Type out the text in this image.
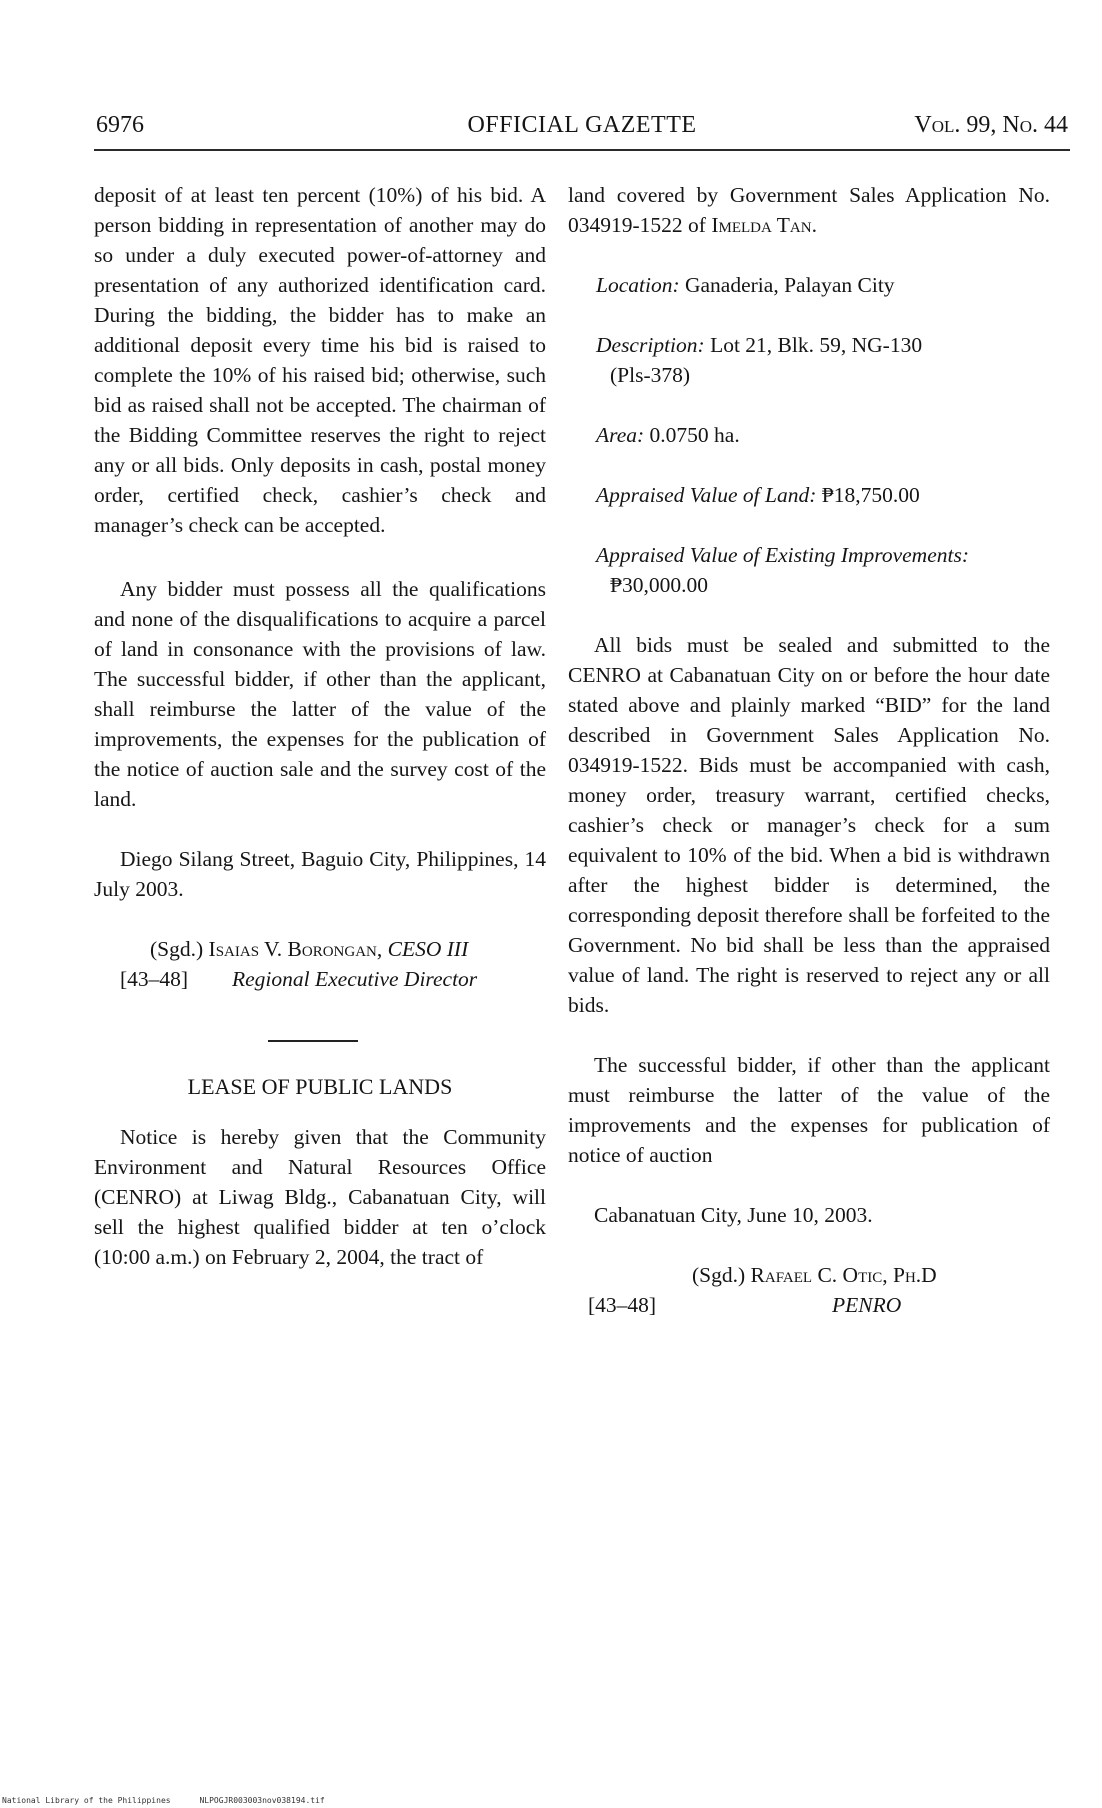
6976	OFFICIAL GAZETTE	Vol. 99, No. 44

deposit of at least ten percent (10%) of his bid. A person bidding in representation of another may do so under a duly executed power-of-attorney and presentation of any authorized identification card. During the bidding, the bidder has to make an additional deposit every time his bid is raised to complete the 10% of his raised bid; otherwise, such bid as raised shall not be accepted. The chairman of the Bidding Committee reserves the right to reject any or all bids. Only deposits in cash, postal money order, certified check, cashier’s check and manager’s check can be accepted.

Any bidder must possess all the qualifications and none of the disqualifications to acquire a parcel of land in consonance with the provisions of law. The successful bidder, if other than the applicant, shall reimburse the latter of the value of the improvements, the expenses for the publication of the notice of auction sale and the survey cost of the land.

Diego Silang Street, Baguio City, Philippines, 14 July 2003.

(Sgd.) Isaias V. Borongan, CESO III
[43–48] Regional Executive Director
LEASE OF PUBLIC LANDS

Notice is hereby given that the Community Environment and Natural Resources Office (CENRO) at Liwag Bldg., Cabanatuan City, will sell the highest qualified bidder at ten o’clock (10:00 a.m.) on February 2, 2004, the tract of

land covered by Government Sales Application No. 034919-1522 of Imelda Tan.

Location: Ganaderia, Palayan City
Description: Lot 21, Blk. 59, NG-130
(Pls-378)
Area: 0.0750 ha.
Appraised Value of Land: ₱18,750.00
Appraised Value of Existing Improvements:
₱30,000.00

All bids must be sealed and submitted to the CENRO at Cabanatuan City on or before the hour date stated above and plainly marked “BID” for the land described in Government Sales Application No. 034919-1522. Bids must be accompanied with cash, money order, treasury warrant, certified checks, cashier’s check or manager’s check for a sum equivalent to 10% of the bid. When a bid is withdrawn after the highest bidder is determined, the corresponding deposit therefore shall be forfeited to the Government. No bid shall be less than the appraised value of land. The right is reserved to reject any or all bids.

The successful bidder, if other than the applicant must reimburse the latter of the value of the improvements and the expenses for publication of notice of auction

Cabanatuan City, June 10, 2003.

(Sgd.) Rafael C. Otic, Ph.D
[43–48]	PENRO
National Library of the Philippines	NLPOGJR003003nov038194.tif
